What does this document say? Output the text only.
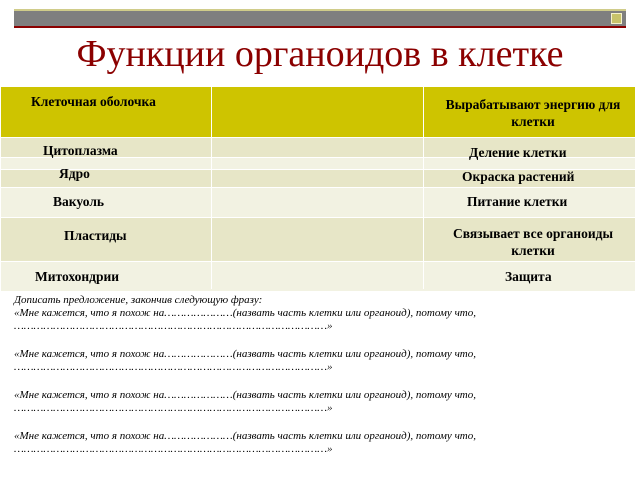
Функции органоидов в клетке
Клеточная оболочка
Цитоплазма
Ядро
Вакуоль
Пластиды
Митохондрии
Вырабатывают энергию для клетки
Деление клетки
Окраска растений
Питание клетки
Связывает все органоиды клетки
Защита

Дописать предложение, закончив следующую фразу:

«Мне кажется, что я похож на…………………(назвать часть клетки или органоид), потому что,

……………………………………………………………………………………»

«Мне кажется, что я похож на…………………(назвать часть клетки или органоид), потому что,

……………………………………………………………………………………»

«Мне кажется, что я похож на…………………(назвать часть клетки или органоид), потому что,

……………………………………………………………………………………»

«Мне кажется, что я похож на…………………(назвать часть клетки или органоид), потому что,

……………………………………………………………………………………»
